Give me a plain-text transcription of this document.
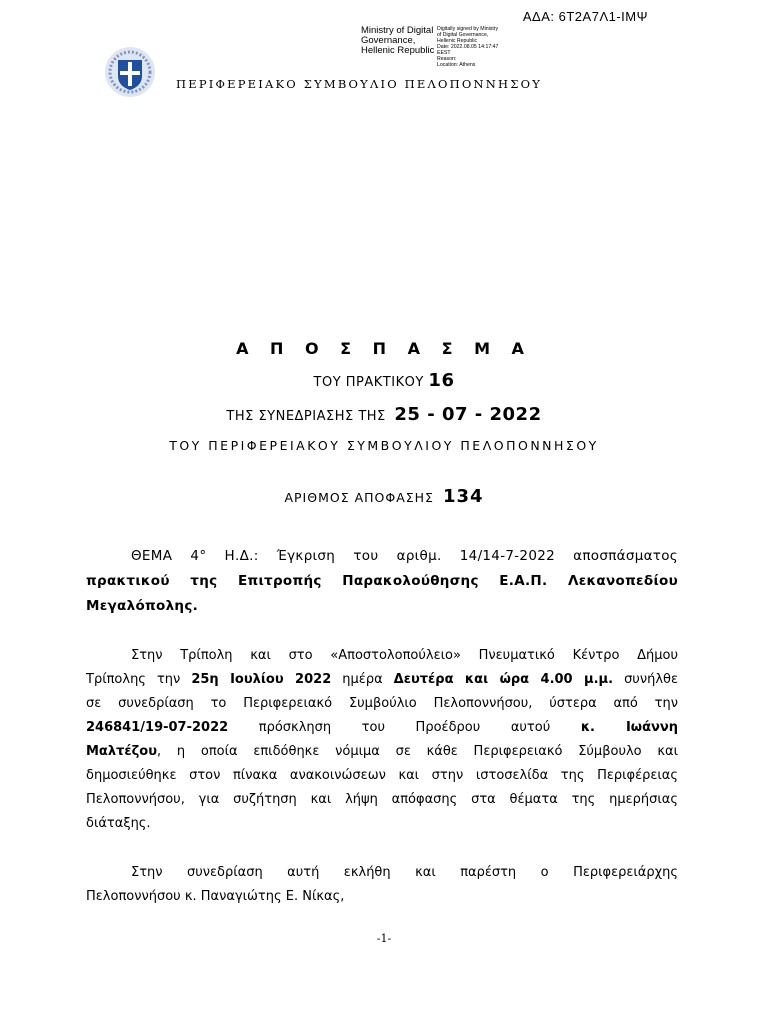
ΑΔΑ: 6Τ2Α7Λ1-ΙΜΨ
Ministry of Digital
Governance,
Hellenic Republic
Digitally signed by Ministry
of Digital Governance,
Hellenic Republic
Date: 2022.08.05 14:17:47
EEST
Reason:
Location: Athens
ΠΕΡΙΦΕΡΕΙΑΚΟ ΣΥΜΒΟΥΛΙΟ ΠΕΛΟΠΟΝΝΗΣΟΥ
Α Π Ο Σ Π Α Σ Μ Α
ΤΟΥ ΠΡΑΚΤΙΚΟΥ 16
ΤΗΣ ΣΥΝΕΔΡΙΑΣΗΣ ΤΗΣ 25 - 07 - 2022
ΤΟΥ ΠΕΡΙΦΕΡΕΙΑΚΟΥ ΣΥΜΒΟΥΛΙΟΥ ΠΕΛΟΠΟΝΝΗΣΟΥ
ΑΡΙΘΜΟΣ ΑΠΟΦΑΣΗΣ 134
ΘΕΜΑ 4° Η.Δ.: Έγκριση του αριθμ. 14/14-7-2022 αποσπάσματος
πρακτικού της Επιτροπής Παρακολούθησης Ε.Α.Π. Λεκανοπεδίου
Μεγαλόπολης.
Στην Τρίπολη και στο «Αποστολοπούλειο» Πνευματικό Κέντρο Δήμου
Τρίπολης την 25η Ιουλίου 2022 ημέρα Δευτέρα και ώρα 4.00 μ.μ. συνήλθε
σε συνεδρίαση το Περιφερειακό Συμβούλιο Πελοποννήσου, ύστερα από την
246841/19-07-2022 πρόσκληση του Προέδρου αυτού κ. Ιωάννη
Μαλτέζου, η οποία επιδόθηκε νόμιμα σε κάθε Περιφερειακό Σύμβουλο και
δημοσιεύθηκε στον πίνακα ανακοινώσεων και στην ιστοσελίδα της Περιφέρειας
Πελοποννήσου, για συζήτηση και λήψη απόφασης στα θέματα της ημερήσιας
διάταξης.
Στην συνεδρίαση αυτή εκλήθη και παρέστη ο Περιφερειάρχης
Πελοποννήσου κ. Παναγιώτης Ε. Νίκας,
-1-
